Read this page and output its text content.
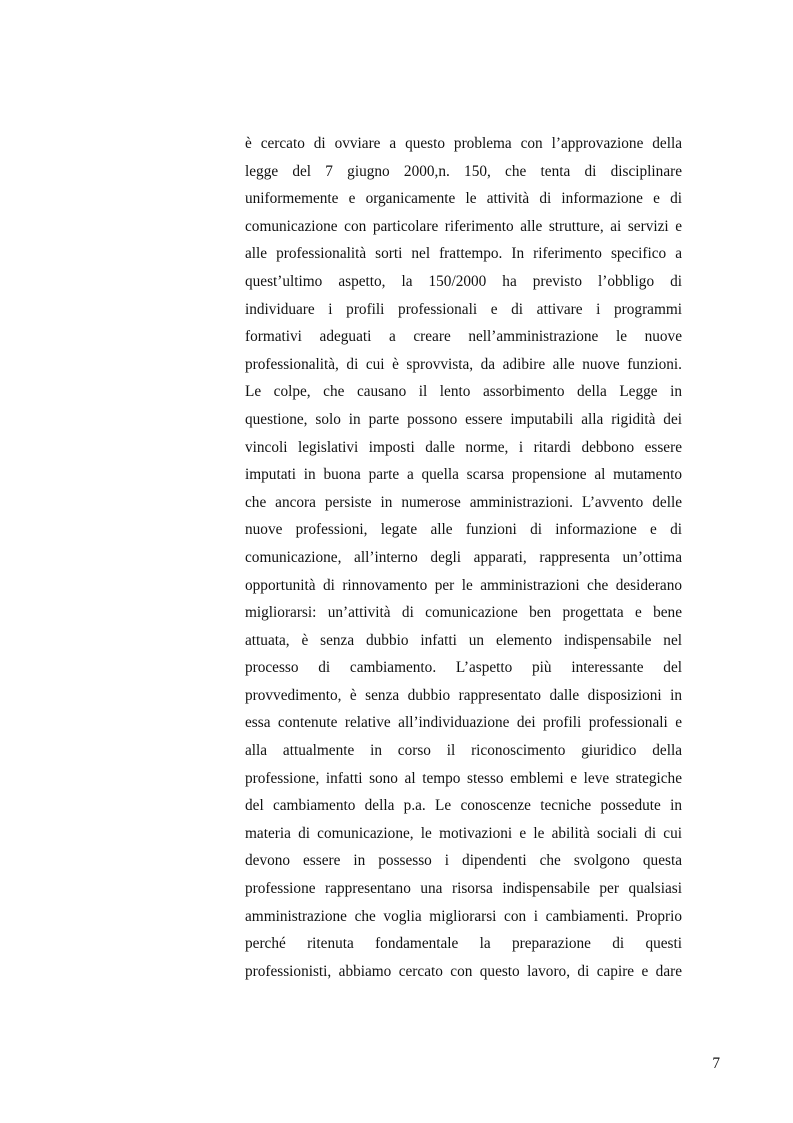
è cercato di ovviare a questo problema con l’approvazione della
legge del 7 giugno 2000,n. 150, che tenta di disciplinare
uniformemente e organicamente le attività di informazione e di
comunicazione con particolare riferimento alle strutture, ai servizi e
alle professionalità sorti nel frattempo. In riferimento specifico a
quest’ultimo aspetto, la 150/2000 ha previsto l’obbligo di
individuare i profili professionali e di attivare i programmi
formativi adeguati a creare nell’amministrazione le nuove
professionalità, di cui è sprovvista, da adibire alle nuove funzioni.
Le colpe, che causano il lento assorbimento della Legge in
questione, solo in parte possono essere imputabili alla rigidità dei
vincoli legislativi imposti dalle norme, i ritardi debbono essere
imputati in buona parte a quella scarsa propensione al mutamento
che ancora persiste in numerose amministrazioni. L’avvento delle
nuove professioni, legate alle funzioni di informazione e di
comunicazione, all’interno degli apparati, rappresenta un’ottima
opportunità di rinnovamento per le amministrazioni che desiderano
migliorarsi: un’attività di comunicazione ben progettata e bene
attuata, è senza dubbio infatti un elemento indispensabile nel
processo di cambiamento. L’aspetto più interessante del
provvedimento, è senza dubbio rappresentato dalle disposizioni in
essa contenute relative all’individuazione dei profili professionali e
alla attualmente in corso il riconoscimento giuridico della
professione, infatti sono al tempo stesso emblemi e leve strategiche
del cambiamento della p.a. Le conoscenze tecniche possedute in
materia di comunicazione, le motivazioni e le abilità sociali di cui
devono essere in possesso i dipendenti che svolgono questa
professione rappresentano una risorsa indispensabile per qualsiasi
amministrazione che voglia migliorarsi con i cambiamenti. Proprio
perché ritenuta fondamentale la preparazione di questi
professionisti, abbiamo cercato con questo lavoro, di capire e dare
7
